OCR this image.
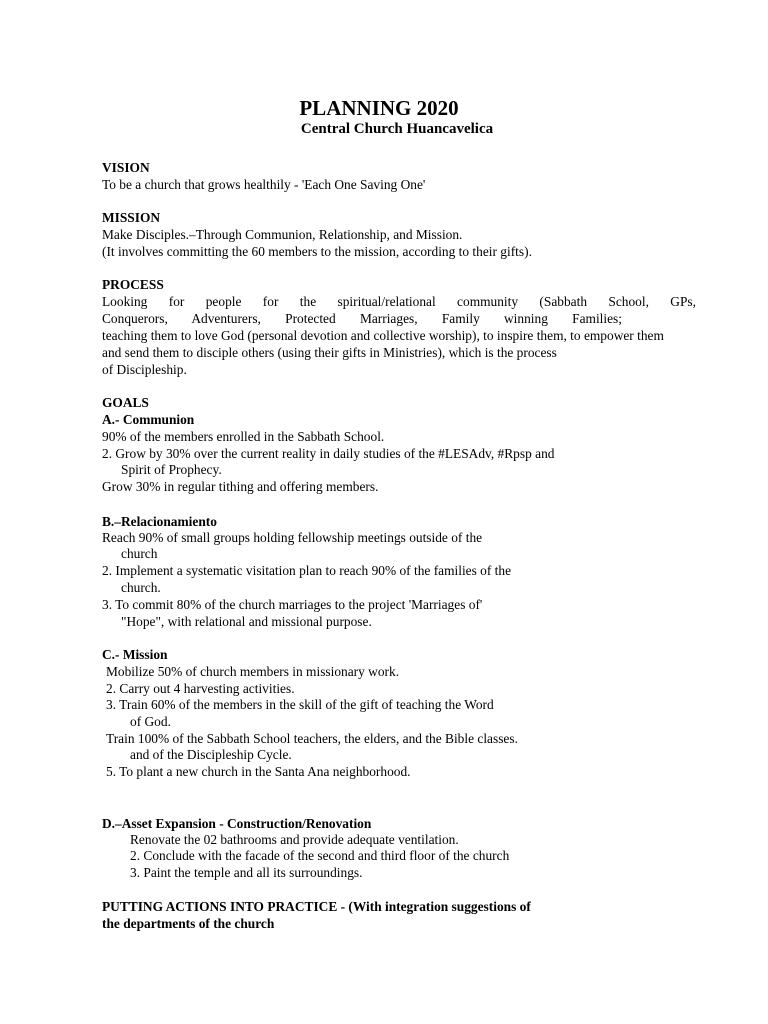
PLANNING 2020
Central Church Huancavelica
VISION
To be a church that grows healthily - 'Each One Saving One'
MISSION
Make Disciples.–Through Communion, Relationship, and Mission.
(It involves committing the 60 members to the mission, according to their gifts).
PROCESS
Looking for people for the spiritual/relational community (Sabbath School, GPs,
Conquerors, Adventurers, Protected Marriages, Family winning Families;
teaching them to love God (personal devotion and collective worship), to inspire them, to empower them
and send them to disciple others (using their gifts in Ministries), which is the process
of Discipleship.
GOALS
A.- Communion
90% of the members enrolled in the Sabbath School.
2. Grow by 30% over the current reality in daily studies of the #LESAdv, #Rpsp and
Spirit of Prophecy.
Grow 30% in regular tithing and offering members.
B.–Relacionamiento
Reach 90% of small groups holding fellowship meetings outside of the
church
2. Implement a systematic visitation plan to reach 90% of the families of the
church.
3. To commit 80% of the church marriages to the project 'Marriages of'
"Hope", with relational and missional purpose.
C.- Mission
Mobilize 50% of church members in missionary work.
2. Carry out 4 harvesting activities.
3. Train 60% of the members in the skill of the gift of teaching the Word
of God.
Train 100% of the Sabbath School teachers, the elders, and the Bible classes.
and of the Discipleship Cycle.
5. To plant a new church in the Santa Ana neighborhood.
D.–Asset Expansion - Construction/Renovation
Renovate the 02 bathrooms and provide adequate ventilation.
2. Conclude with the facade of the second and third floor of the church
3. Paint the temple and all its surroundings.
PUTTING ACTIONS INTO PRACTICE - (With integration suggestions of
the departments of the church
